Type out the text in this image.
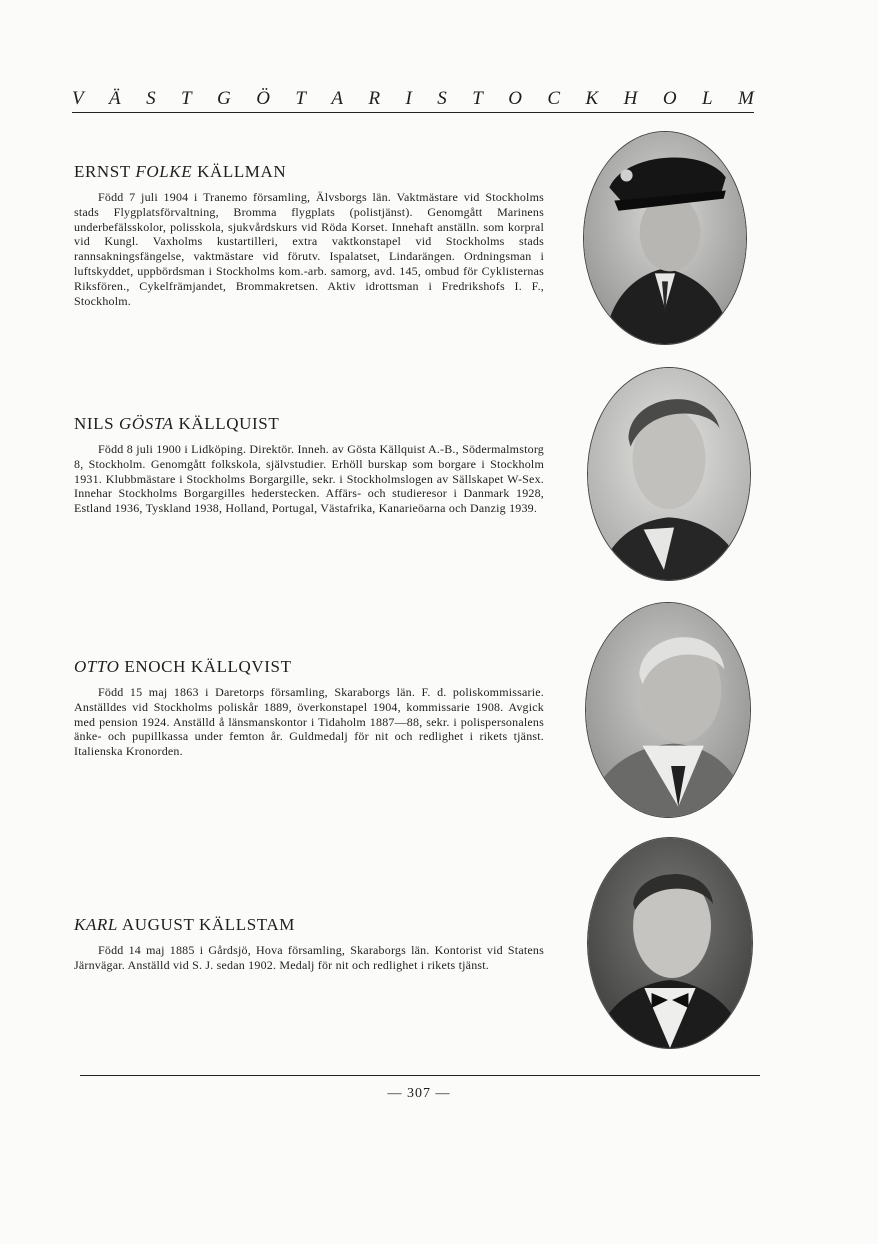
V Ä S T G Ö T A R I S T O C K H O L M
ERNST FOLKE KÄLLMAN

Född 7 juli 1904 i Tranemo församling, Älvsborgs län. Vaktmästare vid Stockholms stads Flygplatsförvaltning, Bromma flygplats (polistjänst). Genomgått Marinens underbefälsskolor, polisskola, sjukvårdskurs vid Röda Korset. Innehaft anställn. som korpral vid Kungl. Vaxholms kustartilleri, extra vaktkonstapel vid Stockholms stads rannsakningsfängelse, vaktmästare vid förutv. Ispalatset, Lindarängen. Ordningsman i luftskyddet, uppbördsman i Stockholms kom.-arb. samorg, avd. 145, ombud för Cyklisternas Riksfören., Cykelfrämjandet, Brommakretsen. Aktiv idrottsman i Fredrikshofs I. F., Stockholm.

NILS GÖSTA KÄLLQUIST

Född 8 juli 1900 i Lidköping. Direktör. Inneh. av Gösta Källquist A.-B., Södermalmstorg 8, Stockholm. Genomgått folkskola, självstudier. Erhöll burskap som borgare i Stockholm 1931. Klubbmästare i Stockholms Borgargille, sekr. i Stockholmslogen av Sällskapet W-Sex. Innehar Stockholms Borgargilles hederstecken. Affärs- och studieresor i Danmark 1928, Estland 1936, Tyskland 1938, Holland, Portugal, Västafrika, Kanarieöarna och Danzig 1939.

OTTO ENOCH KÄLLQVIST

Född 15 maj 1863 i Daretorps församling, Skaraborgs län. F. d. poliskommissarie. Anställdes vid Stockholms poliskår 1889, överkonstapel 1904, kommissarie 1908. Avgick med pension 1924. Anställd å länsmanskontor i Tidaholm 1887—88, sekr. i polispersonalens änke- och pupillkassa under femton år. Guldmedalj för nit och redlighet i rikets tjänst. Italienska Kronorden.

KARL AUGUST KÄLLSTAM

Född 14 maj 1885 i Gårdsjö, Hova församling, Skaraborgs län. Kontorist vid Statens Järnvägar. Anställd vid S. J. sedan 1902. Medalj för nit och redlighet i rikets tjänst.

— 307 —
